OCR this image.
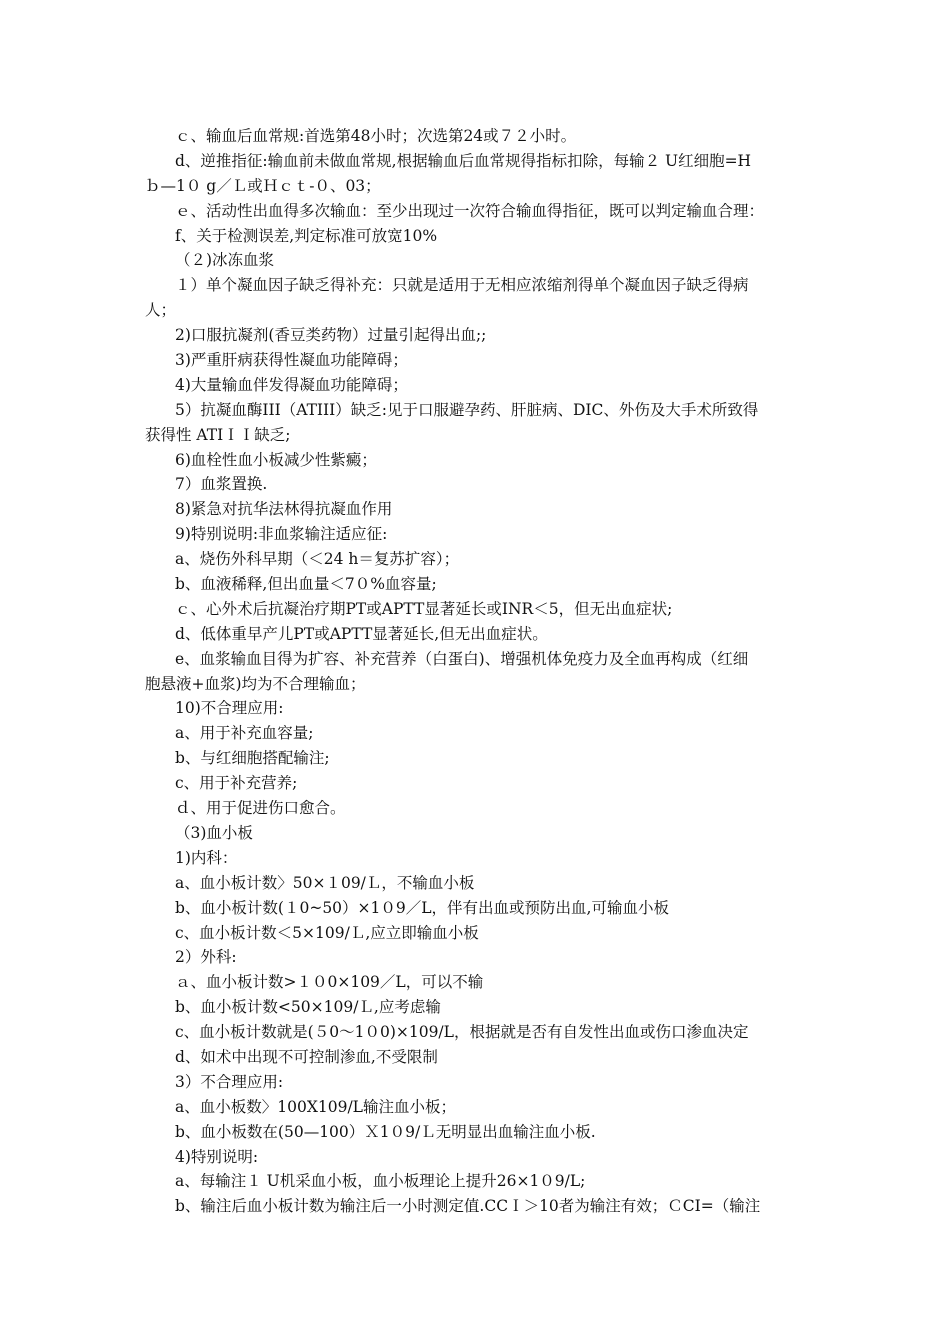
ｃ、输血后血常规:首选第48小时；次选第24或７２小时。
d、逆推指征:输血前未做血常规,根据输血后血常规得指标扣除，每输２ U红细胞=H
ｂ—1０ g／Ｌ或Ｈｃｔ-０、03；
ｅ、活动性出血得多次输血：至少出现过一次符合输血得指征，既可以判定输血合理：
f、关于检测误差,判定标准可放宽10%
（２)冰冻血浆
１）单个凝血因子缺乏得补充：只就是适用于无相应浓缩剂得单个凝血因子缺乏得病
人；
2)口服抗凝剂(香豆类药物）过量引起得出血;;
3)严重肝病获得性凝血功能障碍；
4)大量输血伴发得凝血功能障碍；
5）抗凝血酶III（ATIII）缺乏:见于口服避孕药、肝脏病、DIC、外伤及大手术所致得
获得性 ATIＩＩ缺乏;
6)血栓性血小板减少性紫癜；
7）血浆置换.
8)紧急对抗华法林得抗凝血作用
9)特别说明:非血浆输注适应征:
a、烧伤外科早期（＜24 h＝复苏扩容）；
b、血液稀释,但出血量＜7０%血容量;
ｃ、心外术后抗凝治疗期PT或APTT显著延长或INR＜5，但无出血症状;
d、低体重早产儿PT或APTT显著延长,但无出血症状。
e、血浆输血目得为扩容、补充营养（白蛋白)、增强机体免疫力及全血再构成（红细
胞悬液+血浆)均为不合理输血；
10)不合理应用:
a、用于补充血容量;
b、与红细胞搭配输注;
c、用于补充营养;
ｄ、用于促进伤口愈合。
（3)血小板
1)内科：
a、血小板计数〉50×１09/Ｌ，不输血小板
b、血小板计数(１0~50）×1０9／L，伴有出血或预防出血,可输血小板
c、血小板计数＜5×109/Ｌ,应立即输血小板
2）外科:
ａ、血小板计数>１０0×109／L，可以不输
b、血小板计数<50×109/Ｌ,应考虑输
c、血小板计数就是(５0～1０0)×109/L，根据就是否有自发性出血或伤口渗血决定
d、如术中出现不可控制渗血,不受限制
3）不合理应用:
a、血小板数〉100X109/L输注血小板；
b、血小板数在(50—100）Ｘ1０9/Ｌ无明显出血输注血小板.
4)特别说明:
a、每输注１ U机采血小板，血小板理论上提升26×1０9/L;
b、输注后血小板计数为输注后一小时测定值.CCＩ＞10者为输注有效；ＣCI=（输注
